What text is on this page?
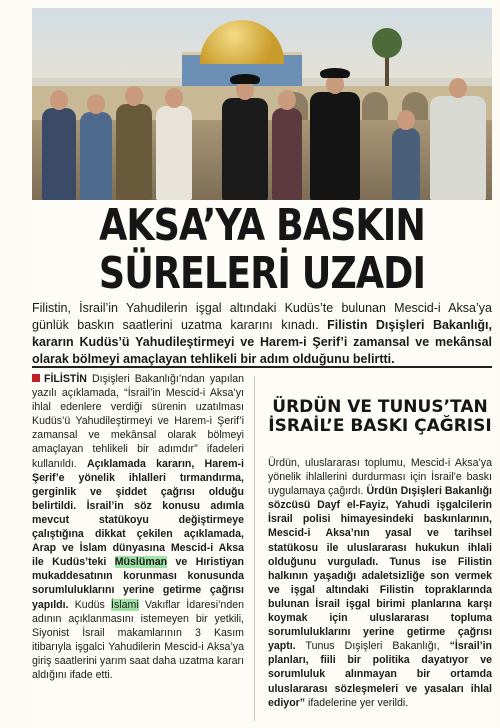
AKSA’YA BASKIN
SÜRELERİ UZADI
Filistin, İsrail’in Yahudilerin işgal altındaki Kudüs’te bulunan Mescid-i Aksa’ya günlük baskın saatlerini uzatma kararını kınadı. Filistin Dışişleri Bakanlığı, kararın Kudüs’ü Yahudileştirmeyi ve Harem-i Şerif’i zamansal ve mekânsal olarak bölmeyi amaçlayan tehlikeli bir adım olduğunu belirtti.

FİLİSTİN Dışişleri Bakanlığı’ndan yapılan yazılı açıklamada, “İsrail’in Mescid-i Aksa’yı ihlal edenlere verdiği sürenin uzatılması Kudüs’ü Yahudileştirmeyi ve Harem-i Şerif’i zamansal ve mekânsal olarak bölmeyi amaçlayan tehlikeli bir adımdır” ifadeleri kullanıldı. Açıklamada kararın, Harem-i Şerif’e yönelik ihlalleri tırmandırma, gerginlik ve şiddet çağrısı olduğu belirtildi. İsrail’in söz konusu adımla mevcut statükoyu değiştirmeye çalıştığına dikkat çekilen açıklamada, Arap ve İslam dünyasına Mescid-i Aksa ile Kudüs’teki Müslüman ve Hıristiyan mukaddesatının korunması konusunda sorumluluklarını yerine getirme çağrısı yapıldı. Kudüs İslami Vakıflar İdaresi’nden adının açıklanmasını istemeyen bir yetkili, Siyonist İsrail makamlarının 3 Kasım itibarıyla işgalci Yahudilerin Mescid-i Aksa’ya giriş saatlerini yarım saat daha uzatma kararı aldığını ifade etti.

ÜRDÜN VE TUNUS’TAN İSRAİL’E BASKI ÇAĞRISI

Ürdün, uluslararası toplumu, Mescid-i Aksa’ya yönelik ihlallerini durdurması için İsrail’e baskı uygulamaya çağırdı. Ürdün Dışişleri Bakanlığı sözcüsü Dayf el-Fayiz, Yahudi işgalcilerin İsrail polisi himayesindeki baskınlarının, Mescid-i Aksa’nın yasal ve tarihsel statükosu ile uluslararası hukukun ihlali olduğunu vurguladı. Tunus ise Filistin halkının yaşadığı adaletsizliğe son vermek ve işgal altındaki Filistin topraklarında bulunan İsrail işgal birimi planlarına karşı koymak için uluslararası topluma sorumluluklarını yerine getirme çağrısı yaptı. Tunus Dışişleri Bakanlığı, “İsrail’in planları, fiili bir politika dayatıyor ve sorumluluk alınmayan bir ortamda uluslararası sözleşmeleri ve yasaları ihlal ediyor” ifadelerine yer verildi.
